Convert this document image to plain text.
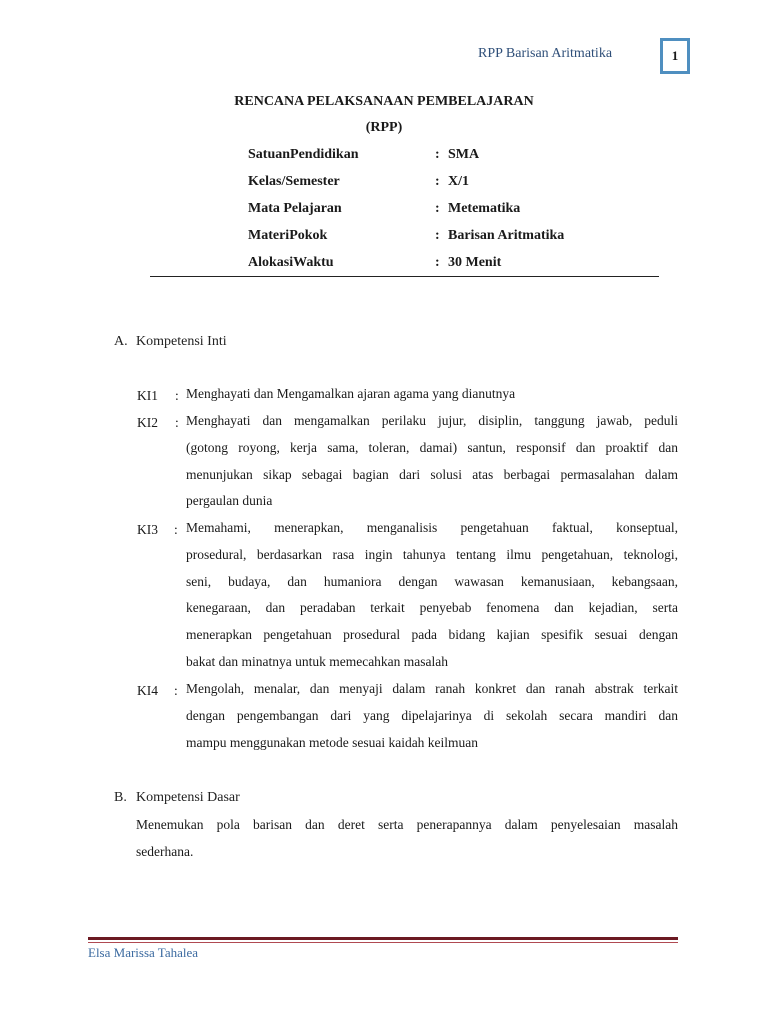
RPP Barisan Aritmatika	1
RENCANA PELAKSANAAN PEMBELAJARAN
(RPP)
SatuanPendidikan	: SMA
Kelas/Semester	: X/1
Mata Pelajaran	: Metematika
MateriPokok	: Barisan Aritmatika
AlokasiWaktu	: 30 Menit
A. Kompetensi Inti
KI1 : Menghayati dan Mengamalkan ajaran agama yang dianutnya
KI2 : Menghayati dan mengamalkan perilaku jujur, disiplin, tanggung jawab, peduli
(gotong royong, kerja sama, toleran, damai) santun, responsif dan proaktif dan
menunjukan sikap sebagai bagian dari solusi atas berbagai permasalahan dalam
pergaulan dunia
KI3 : Memahami, menerapkan, menganalisis pengetahuan faktual, konseptual,
prosedural, berdasarkan rasa ingin tahunya tentang ilmu pengetahuan, teknologi,
seni, budaya, dan humaniora dengan wawasan kemanusiaan, kebangsaan,
kenegaraan, dan peradaban terkait penyebab fenomena dan kejadian, serta
menerapkan pengetahuan prosedural pada bidang kajian spesifik sesuai dengan
bakat dan minatnya untuk memecahkan masalah
KI4 : Mengolah, menalar, dan menyaji dalam ranah konkret dan ranah abstrak terkait
dengan pengembangan dari yang dipelajarinya di sekolah secara mandiri dan
mampu menggunakan metode sesuai kaidah keilmuan
B. Kompetensi Dasar
Menemukan pola barisan dan deret serta penerapannya dalam penyelesaian masalah
sederhana.
Elsa Marissa Tahalea
